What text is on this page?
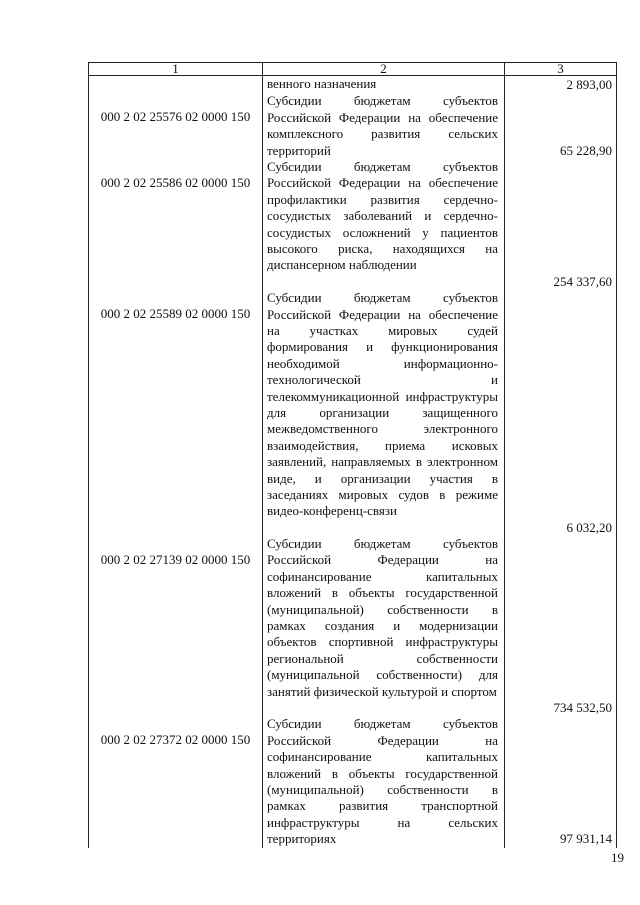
1	2	3

	венного назначения	2 893,00
000 2 02 25576 02 0000 150	Субсидии бюджетам субъектов Российской Федерации на обеспечение комплексного развития сельских территорий	65 228,90
000 2 02 25586 02 0000 150	Субсидии бюджетам субъектов Российской Федерации на обеспечение профилактики развития сердечно-сосудистых заболеваний и сердечно-сосудистых осложнений у пациентов высокого риска, находящихся на диспансерном наблюдении	254 337,60
000 2 02 25589 02 0000 150	Субсидии бюджетам субъектов Российской Федерации на обеспечение на участках мировых судей формирования и функционирования необходимой информационно-технологической и телекоммуникационной инфраструктуры для организации защищенного межведомственного электронного взаимодействия, приема исковых заявлений, направляемых в электронном виде, и организации участия в заседаниях мировых судов в режиме видео-конференц-связи	6 032,20
000 2 02 27139 02 0000 150	Субсидии бюджетам субъектов Российской Федерации на софинансирование капитальных вложений в объекты государственной (муниципальной) собственности в рамках создания и модернизации объектов спортивной инфраструктуры региональной собственности (муниципальной собственности) для занятий физической культурой и спортом	734 532,50
000 2 02 27372 02 0000 150	Субсидии бюджетам субъектов Российской Федерации на софинансирование капитальных вложений в объекты государственной (муниципальной) собственности в рамках развития транспортной инфраструктуры на сельских территориях	97 931,14
19
